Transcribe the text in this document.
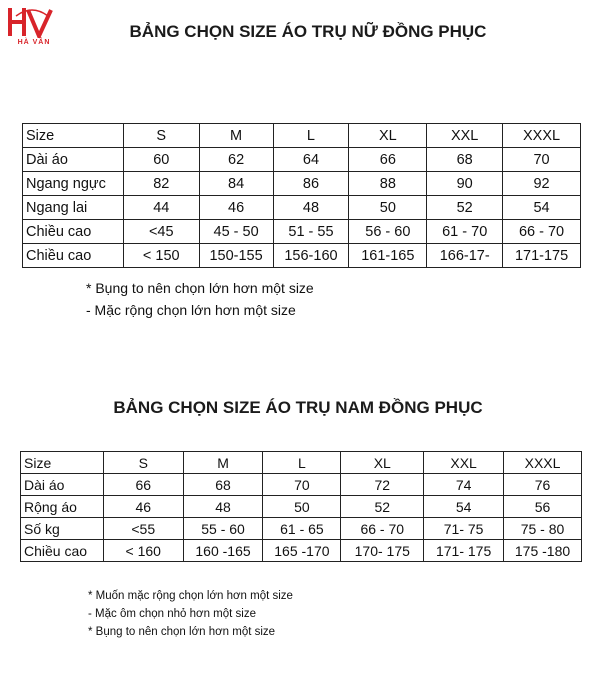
HÀ VÂN
BẢNG CHỌN SIZE ÁO TRỤ NỮ ĐỒNG PHỤC
Size	S	M	L	XL	XXL	XXXL
Dài áo	60	62	64	66	68	70
Ngang ngực	82	84	86	88	90	92
Ngang lai	44	46	48	50	52	54
Chiều cao	<45	45 - 50	51 - 55	56 - 60	61 - 70	66 - 70
Chiều cao	< 150	150-155	156-160	161-165	166-17-	171-175
* Bụng to nên chọn lớn hơn một size
- Mặc rộng chọn lớn hơn một size
BẢNG CHỌN SIZE ÁO TRỤ NAM ĐỒNG PHỤC
Size	S	M	L	XL	XXL	XXXL
Dài áo	66	68	70	72	74	76
Rộng áo	46	48	50	52	54	56
Số kg	<55	55 - 60	61 - 65	66 - 70	71- 75	75 - 80
Chiều cao	< 160	160 -165	165 -170	170- 175	171- 175	175 -180
* Muốn mặc rộng chọn lớn hơn một size
- Mặc ôm chọn nhỏ hơn một size
* Bụng to nên chọn lớn hơn một size
